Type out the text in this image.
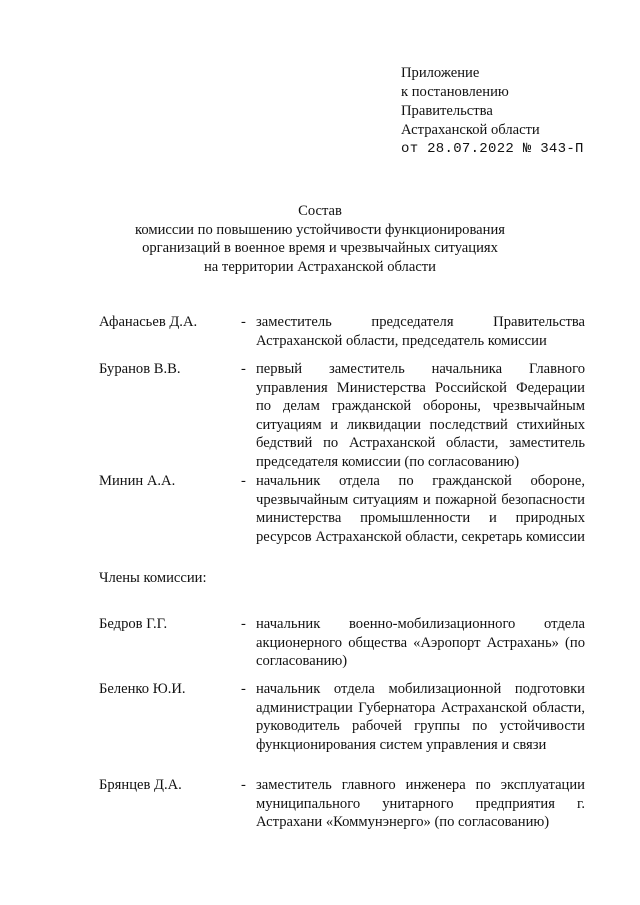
Приложение
к постановлению
Правительства
Астраханской области
от 28.07.2022 № 343-П
Состав
комиссии по повышению устойчивости функционирования
организаций в военное время и чрезвычайных ситуациях
на территории Астраханской области
Афанасьев Д.А.	- заместитель председателя Правительства Астраханской области, председатель комиссии
Буранов В.В.	- первый заместитель начальника Главного управления Министерства Российской Федерации по делам гражданской обороны, чрезвычайным ситуациям и ликвидации последствий стихийных бедствий по Астраханской области, заместитель председателя комиссии (по согласованию)
Минин А.А.	- начальник отдела по гражданской обороне, чрезвычайным ситуациям и пожарной безопасности министерства промышленности и природных ресурсов Астраханской области, секретарь комиссии
Члены комиссии:
Бедров Г.Г.	- начальник военно-мобилизационного отдела акционерного общества «Аэропорт Астрахань» (по согласованию)
Беленко Ю.И.	- начальник отдела мобилизационной подготовки администрации Губернатора Астраханской области, руководитель рабочей группы по устойчивости функционирования систем управления и связи
Брянцев Д.А.	- заместитель главного инженера по эксплуатации муниципального унитарного предприятия г. Астрахани «Коммунэнерго» (по согласованию)
